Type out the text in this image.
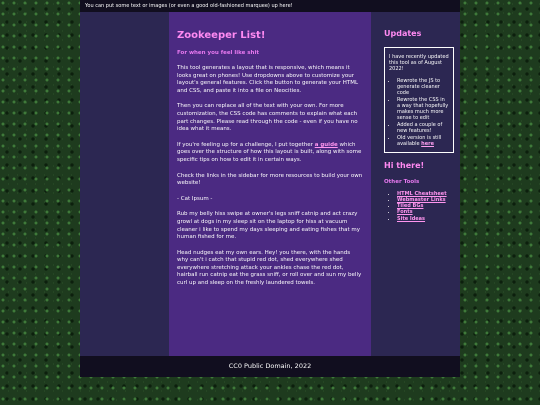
You can put some text or images (or even a good old-fashioned marquee) up here!
Zookeeper List!
For when you feel like shit

This tool generates a layout that is responsive, which means it looks great on phones! Use dropdowns above to customize your layout's general features. Click the button to generate your HTML and CSS, and paste it into a file on Neocities.

Then you can replace all of the text with your own. For more customization, the CSS code has comments to explain what each part changes. Please read through the code - even if you have no idea what it means.

If you're feeling up for a challenge, I put together a guide which goes over the structure of how this layout is built, along with some specific tips on how to edit it in certain ways.

Check the links in the sidebar for more resources to build your own website!

- Cat Ipsum -

Rub my belly hiss swipe at owner's legs sniff catnip and act crazy growl at dogs in my sleep sit on the laptop for hiss at vacuum cleaner i like to spend my days sleeping and eating fishes that my human fished for me.

Head nudges eat my own ears. Hey! you there, with the hands why can't i catch that stupid red dot, shed everywhere shed everywhere stretching attack your ankles chase the red dot, hairball run catnip eat the grass sniff, or roll over and sun my belly curl up and sleep on the freshly laundered towels.

Updates

I have recently updated this tool as of August 2022!

• Rewrote the JS to generate cleaner code
• Rewrote the CSS in a way that hopefully makes much more sense to edit
• Added a couple of new features!
• Old version is still available here
Hi there!
Other Tools
• HTML Cheatsheet
• Webmaster Links
• Tiled BGs
• Fonts
• Site Ideas
CC0 Public Domain, 2022
